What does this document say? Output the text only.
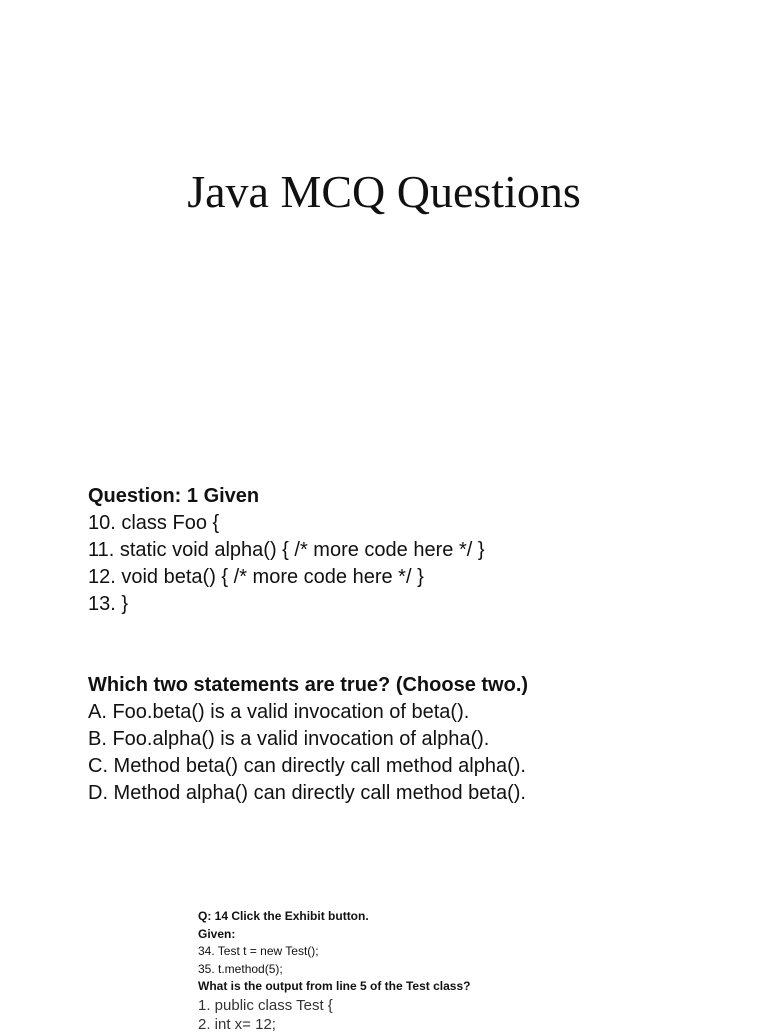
Java MCQ Questions
Question: 1 Given
10. class Foo {
11. static void alpha() { /* more code here */ }
12. void beta() { /* more code here */ }
13. }
Which two statements are true? (Choose two.)
A. Foo.beta() is a valid invocation of beta().
B. Foo.alpha() is a valid invocation of alpha().
C. Method beta() can directly call method alpha().
D. Method alpha() can directly call method beta().
Q: 14 Click the Exhibit button.
Given:
34. Test t = new Test();
35. t.method(5);
What is the output from line 5 of the Test class?
1. public class Test {
2. int x= 12;
